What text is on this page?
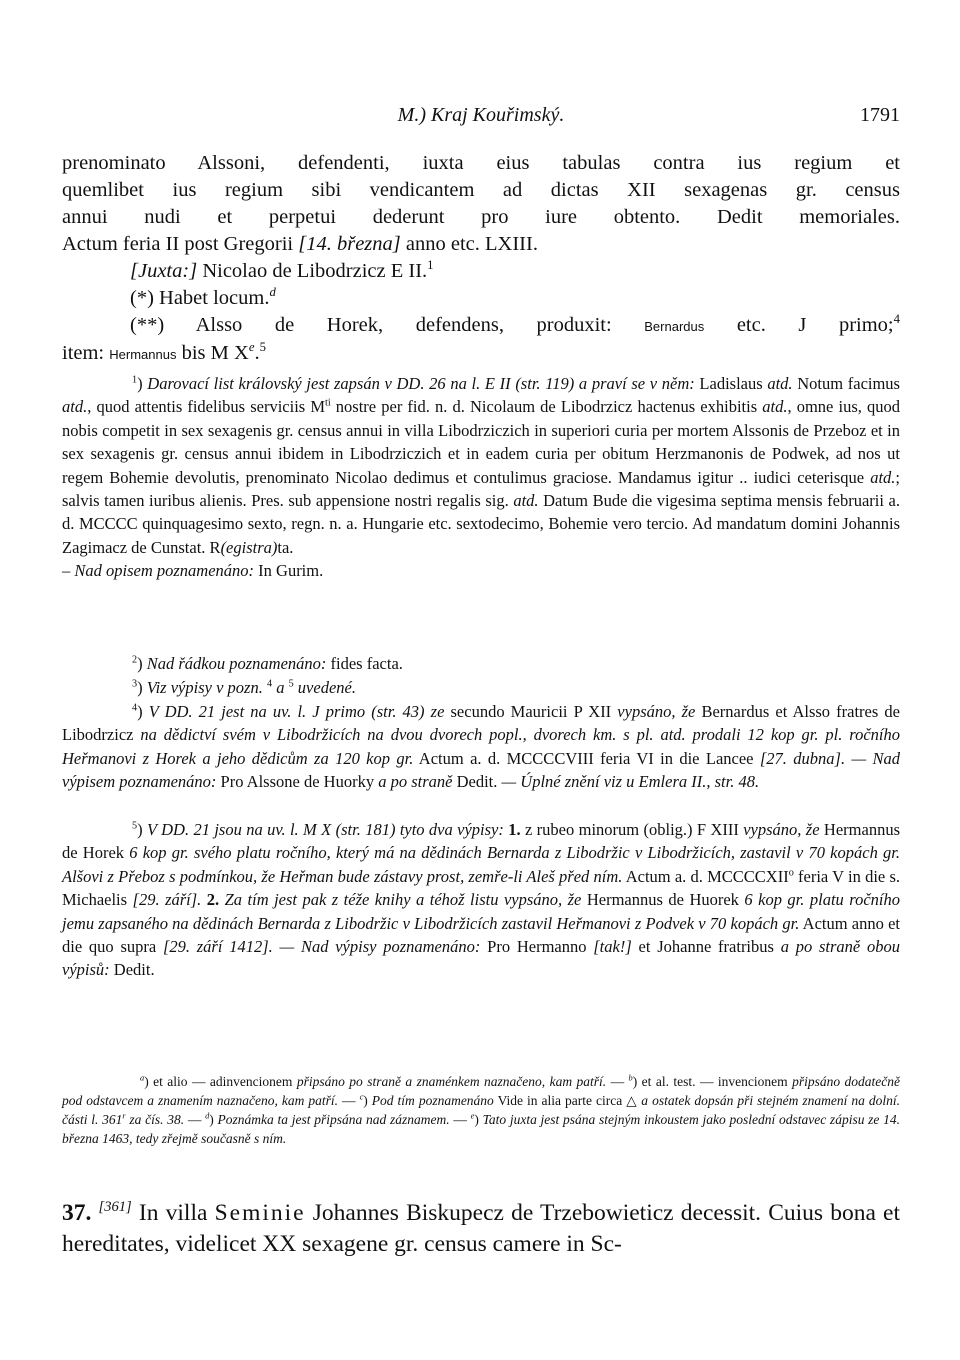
M.) Kraj Kouřimský.	1791
prenominato Alssoni, defendenti, iuxta eius tabulas contra ius regium et
quemlibet ius regium sibi vendicantem ad dictas XII sexagenas gr. census
annui nudi et perpetui dederunt pro iure obtento. Dedit memoriales.
Actum feria II post Gregorii [14. března] anno etc. LXIII.
[Juxta:] Nicolao de Libodrzicz E II.$^1$
(*) Habet locum.$^d$
(**) Alsso de Horek, defendens, produxit: Bernardus etc. J primo;$^4$
item: Hermannus bis M Xe.$^5$

$^1$) Darovací list královský jest zapsán v DD. 26 na l. E II (str. 119) a praví se v něm: Ladislaus atd. Notum facimus atd., quod attentis fidelibus serviciis $M^{ti}$ nostre per fid. n. d. Nicolaum de Libodrzicz hactenus exhibitis atd., omne ius, quod nobis competit in sex sexagenis gr. census annui in villa Libodrziczich in superiori curia per mortem Alssonis de Przeboz et in sex sexagenis gr. census annui ibidem in Libodrziczich et in eadem curia per obitum Herzmanonis de Podwek, ad nos ut regem Bohemie devolutis, prenominato Nicolao dedimus et contulimus graciose. Mandamus igitur .. iudici ceterisque atd.; salvis tamen iuribus alienis. Pres. sub appensione nostri regalis sig. atd. Datum Bude die vigesima septima mensis februarii a. d. MCCCC quinquagesimo sexto, regn. n. a. Hungarie etc. sextodecimo, Bohemie vero tercio. Ad mandatum domini Johannis Zagimacz de Cunstat. R(egistra)ta.
– Nad opisem poznamenáno: In Gurim.

$^2$) Nad řádkou poznamenáno: fides facta.

$^3$) Viz výpisy v pozn. $^4$ a $^5$ uvedené.

$^4$) V DD. 21 jest na uv. l. J primo (str. 43) ze secundo Mauricii P XII vypsáno, že Bernardus et Alsso fratres de Libodrzicz na dědictví svém v Libodržicích na dvou dvorech popl., dvorech km. s pl. atd. prodali 12 kop gr. pl. ročního Heřmanovi z Horek a jeho dědicům za 120 kop gr. Actum a. d. MCCCCVIII feria VI in die Lancee [27. dubna]. — Nad výpisem poznamenáno: Pro Alssone de Huorky a po straně Dedit. — Úplné znění viz u Emlera II., str. 48.

$^5$) V DD. 21 jsou na uv. l. M X (str. 181) tyto dva výpisy: 1. z rubeo minorum (oblig.) F XIII vypsáno, že Hermannus de Horek 6 kop gr. svého platu ročního, který má na dědinách Bernarda z Libodržic v Libodržicích, zastavil v 70 kopách gr. Alšovi z Přeboz s podmínkou, že Heřman bude zástavy prost, zemře-li Aleš před ním. Actum a. d. MCCCCXII$^o$ feria V in die s. Michaelis [29. září]. 2. Za tím jest pak z téže knihy a téhož listu vypsáno, že Hermannus de Huorek 6 kop gr. platu ročního jemu zapsaného na dědinách Bernarda z Libodržic v Libodržicích zastavil Heřmanovi z Podvek v 70 kopách gr. Actum anno et die quo supra [29. září 1412]. — Nad výpisy poznamenáno: Pro Hermanno [tak!] et Johanne fratribus a po straně obou výpisů: Dedit.

$^a$) et alio — adinvencionem připsáno po straně a znaménkem naznačeno, kam patří. — $^b$) et al. test. — invencionem připsáno dodatečně pod odstavcem a znamením naznačeno, kam patří. — $^c$) Pod tím poznamenáno Vide in alia parte circa △ a ostatek dopsán při stejném znamení na dolní. části l. 361$^r$ za čís. 38. — $^d$) Poznámka ta jest připsána nad záznamem. — $^e$) Tato juxta jest psána stejným inkoustem jako poslední odstavec zápisu ze 14. března 1463, tedy zřejmě současně s ním.

37. [361] In villa Seminie Johannes Biskupecz de Trzebowieticz decessit. Cuius bona et hereditates, videlicet XX sexagene gr. census camere in Sc-
